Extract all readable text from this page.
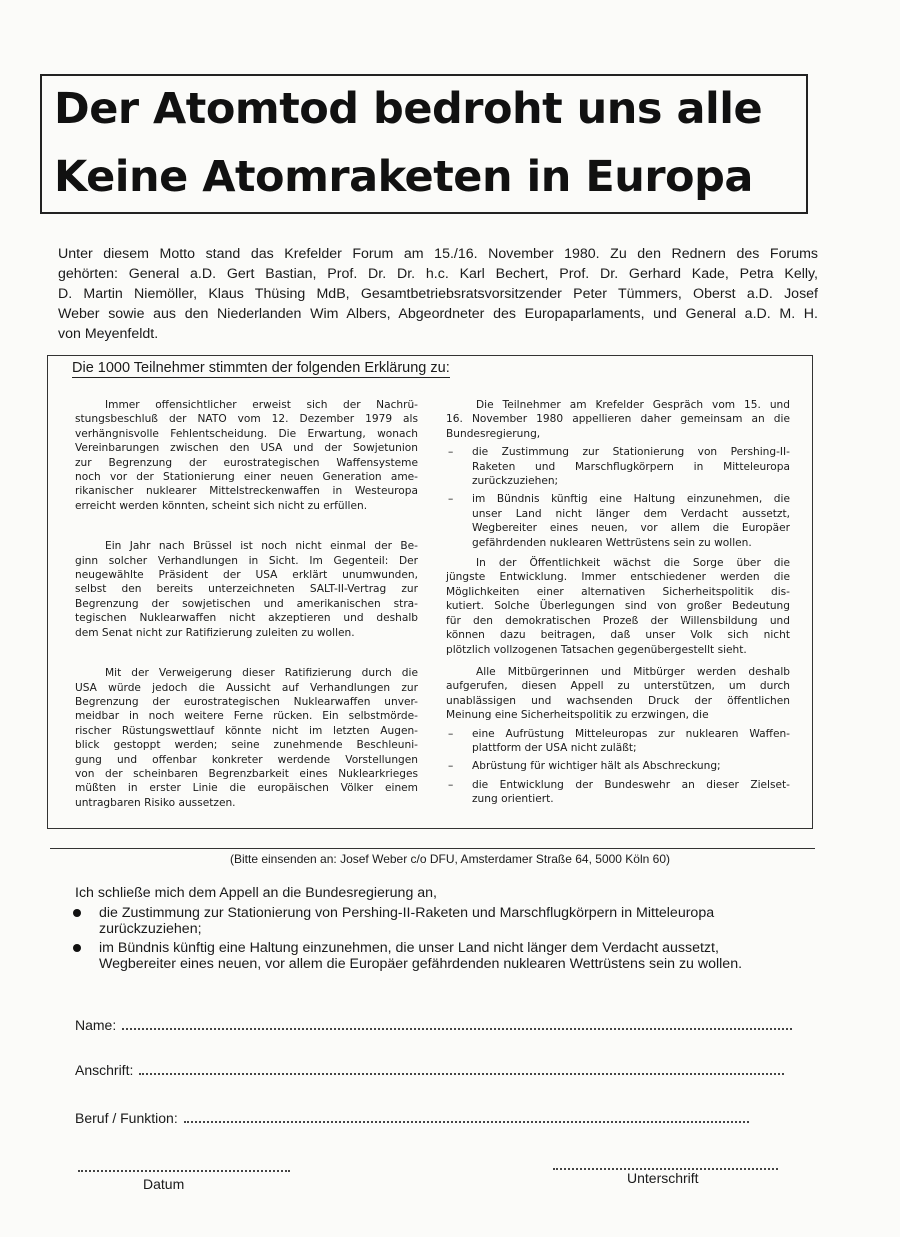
Der Atomtod bedroht uns alle
Keine Atomraketen in Europa
Unter diesem Motto stand das Krefelder Forum am 15./16. November 1980. Zu den Rednern des Forums
gehörten: General a.D. Gert Bastian, Prof. Dr. Dr. h.c. Karl Bechert, Prof. Dr. Gerhard Kade, Petra Kelly,
D. Martin Niemöller, Klaus Thüsing MdB, Gesamtbetriebsratsvorsitzender Peter Tümmers, Oberst a.D. Josef
Weber sowie aus den Niederlanden Wim Albers, Abgeordneter des Europaparlaments, und General a.D. M. H.
von Meyenfeldt.
Die 1000 Teilnehmer stimmten der folgenden Erklärung zu:
Immer offensichtlicher erweist sich der Nachrü-
stungsbeschluß der NATO vom 12. Dezember 1979 als
verhängnisvolle Fehlentscheidung. Die Erwartung, wonach
Vereinbarungen zwischen den USA und der Sowjetunion
zur Begrenzung der eurostrategischen Waffensysteme
noch vor der Stationierung einer neuen Generation ame-
rikanischer nuklearer Mittelstreckenwaffen in Westeuropa
erreicht werden könnten, scheint sich nicht zu erfüllen.
Ein Jahr nach Brüssel ist noch nicht einmal der Be-
ginn solcher Verhandlungen in Sicht. Im Gegenteil: Der
neugewählte Präsident der USA erklärt unumwunden,
selbst den bereits unterzeichneten SALT-II-Vertrag zur
Begrenzung der sowjetischen und amerikanischen stra-
tegischen Nuklearwaffen nicht akzeptieren und deshalb
dem Senat nicht zur Ratifizierung zuleiten zu wollen.
Mit der Verweigerung dieser Ratifizierung durch die
USA würde jedoch die Aussicht auf Verhandlungen zur
Begrenzung der eurostrategischen Nuklearwaffen unver-
meidbar in noch weitere Ferne rücken. Ein selbstmörde-
rischer Rüstungswettlauf könnte nicht im letzten Augen-
blick gestoppt werden; seine zunehmende Beschleuni-
gung und offenbar konkreter werdende Vorstellungen
von der scheinbaren Begrenzbarkeit eines Nuklearkrieges
müßten in erster Linie die europäischen Völker einem
untragbaren Risiko aussetzen.
Die Teilnehmer am Krefelder Gespräch vom 15. und
16. November 1980 appellieren daher gemeinsam an die
Bundesregierung,
– die Zustimmung zur Stationierung von Pershing-II-
Raketen und Marschflugkörpern in Mitteleuropa
zurückzuziehen;
– im Bündnis künftig eine Haltung einzunehmen, die
unser Land nicht länger dem Verdacht aussetzt,
Wegbereiter eines neuen, vor allem die Europäer
gefährdenden nuklearen Wettrüstens sein zu wollen.
In der Öffentlichkeit wächst die Sorge über die
jüngste Entwicklung. Immer entschiedener werden die
Möglichkeiten einer alternativen Sicherheitspolitik dis-
kutiert. Solche Überlegungen sind von großer Bedeutung
für den demokratischen Prozeß der Willensbildung und
können dazu beitragen, daß unser Volk sich nicht
plötzlich vollzogenen Tatsachen gegenübergestellt sieht.
Alle Mitbürgerinnen und Mitbürger werden deshalb
aufgerufen, diesen Appell zu unterstützen, um durch
unablässigen und wachsenden Druck der öffentlichen
Meinung eine Sicherheitspolitik zu erzwingen, die
– eine Aufrüstung Mitteleuropas zur nuklearen Waffen-
plattform der USA nicht zuläßt;
– Abrüstung für wichtiger hält als Abschreckung;
– die Entwicklung der Bundeswehr an dieser Zielset-
zung orientiert.
(Bitte einsenden an: Josef Weber c/o DFU, Amsterdamer Straße 64, 5000 Köln 60)
Ich schließe mich dem Appell an die Bundesregierung an,
die Zustimmung zur Stationierung von Pershing-II-Raketen und Marschflugkörpern in Mitteleuropa
zurückzuziehen;
im Bündnis künftig eine Haltung einzunehmen, die unser Land nicht länger dem Verdacht aussetzt,
Wegbereiter eines neuen, vor allem die Europäer gefährdenden nuklearen Wettrüstens sein zu wollen.
Name:
Anschrift:
Beruf / Funktion:
Datum	Unterschrift
